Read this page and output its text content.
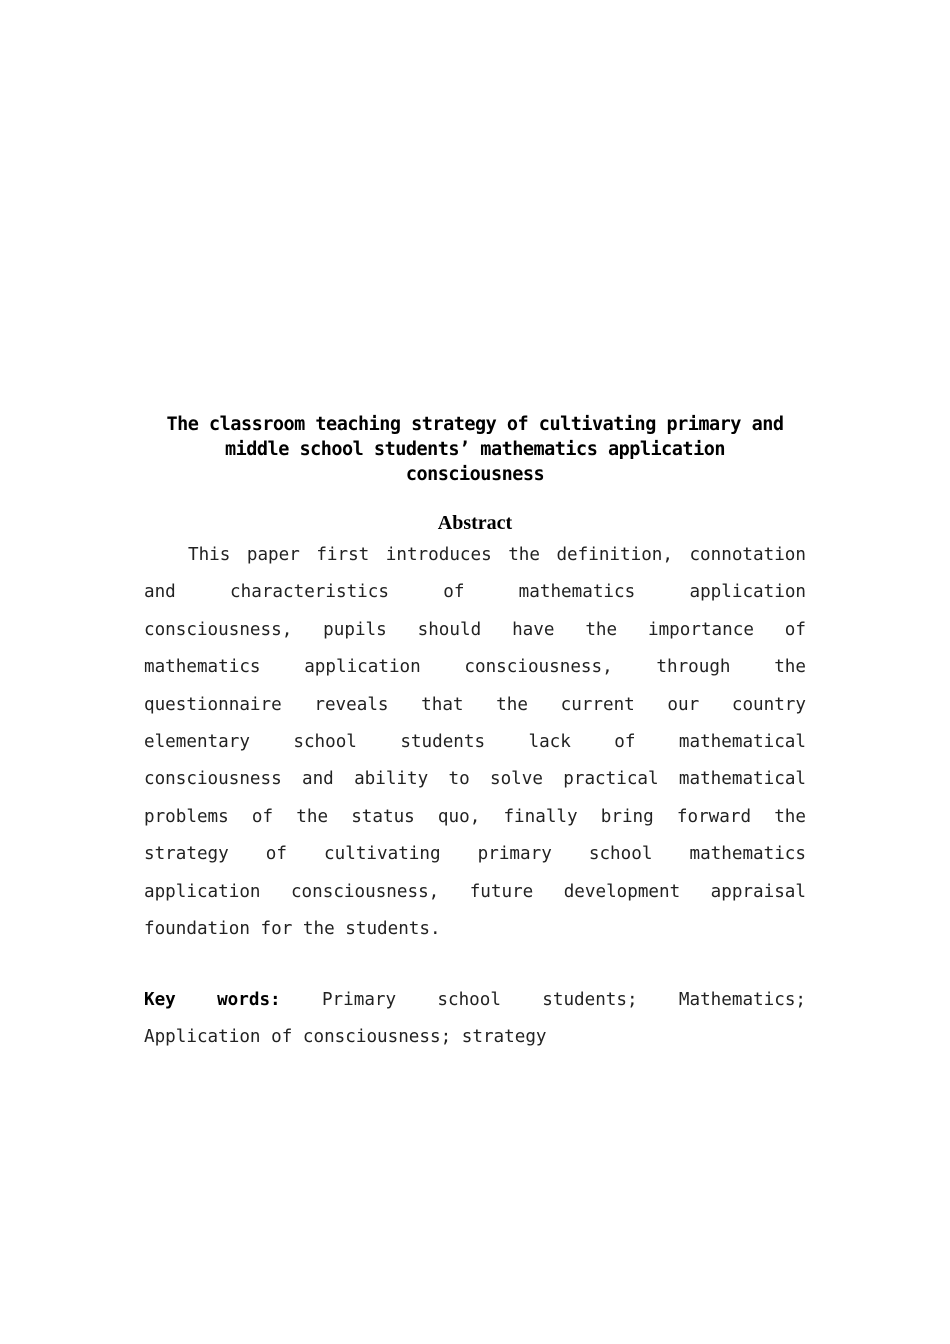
The classroom teaching strategy of cultivating primary and
middle school students’ mathematics application
consciousness
Abstract
This paper first introduces the definition, connotation
and characteristics of mathematics application
consciousness, pupils should have the importance of
mathematics application consciousness, through the
questionnaire reveals that the current our country
elementary school students lack of mathematical
consciousness and ability to solve practical mathematical
problems of the status quo, finally bring forward the
strategy of cultivating primary school mathematics
application consciousness, future development appraisal
foundation for the students.
Key words: Primary school students; Mathematics;
Application of consciousness; strategy
